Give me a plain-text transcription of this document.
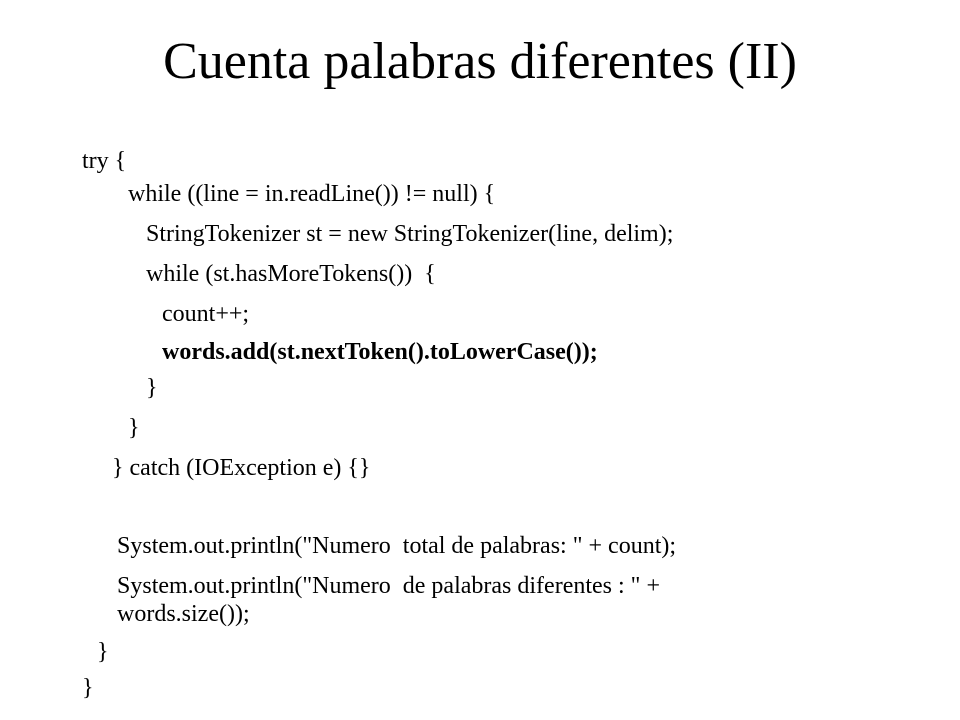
Cuenta palabras diferentes (II)
try {
while ((line = in.readLine()) != null) {
StringTokenizer st = new StringTokenizer(line, delim);
while (st.hasMoreTokens())  {
count++;
words.add(st.nextToken().toLowerCase());
}
}
} catch (IOException e) {}
System.out.println("Numero  total de palabras: " + count);
System.out.println("Numero  de palabras diferentes : " +
words.size());
}
}
